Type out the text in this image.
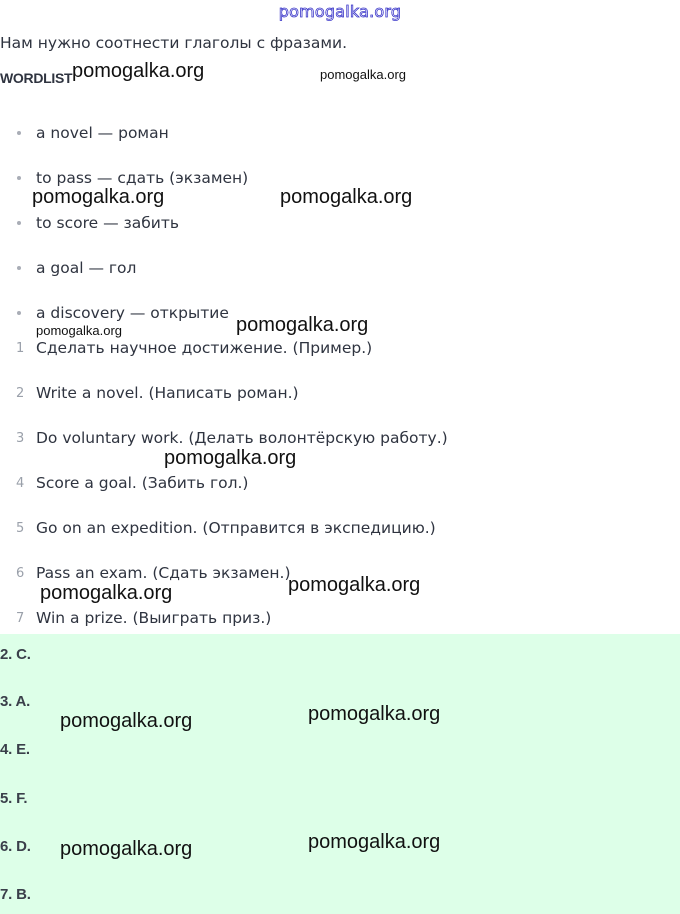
pomogalka.org
Нам нужно соотнести глаголы с фразами.
WORDLIST
a novel — роман
to pass — сдать (экзамен)
to score — забить
a goal — гол
a discovery — открытие
1 Сделать научное достижение. (Пример.)
2 Write a novel. (Написать роман.)
3 Do voluntary work. (Делать волонтёрскую работу.)
4 Score a goal. (Забить гол.)
5 Go on an expedition. (Отправится в экспедицию.)
6 Pass an exam. (Сдать экзамен.)
7 Win a prize. (Выиграть приз.)
2. C.
3. A.
4. E.
5. F.
6. D.
7. B.
pomogalka.org	pomogalka.org
pomogalka.org	pomogalka.org
pomogalka.org	pomogalka.org
pomogalka.org
pomogalka.org
pomogalka.org
pomogalka.org	pomogalka.org
pomogalka.org	pomogalka.org
